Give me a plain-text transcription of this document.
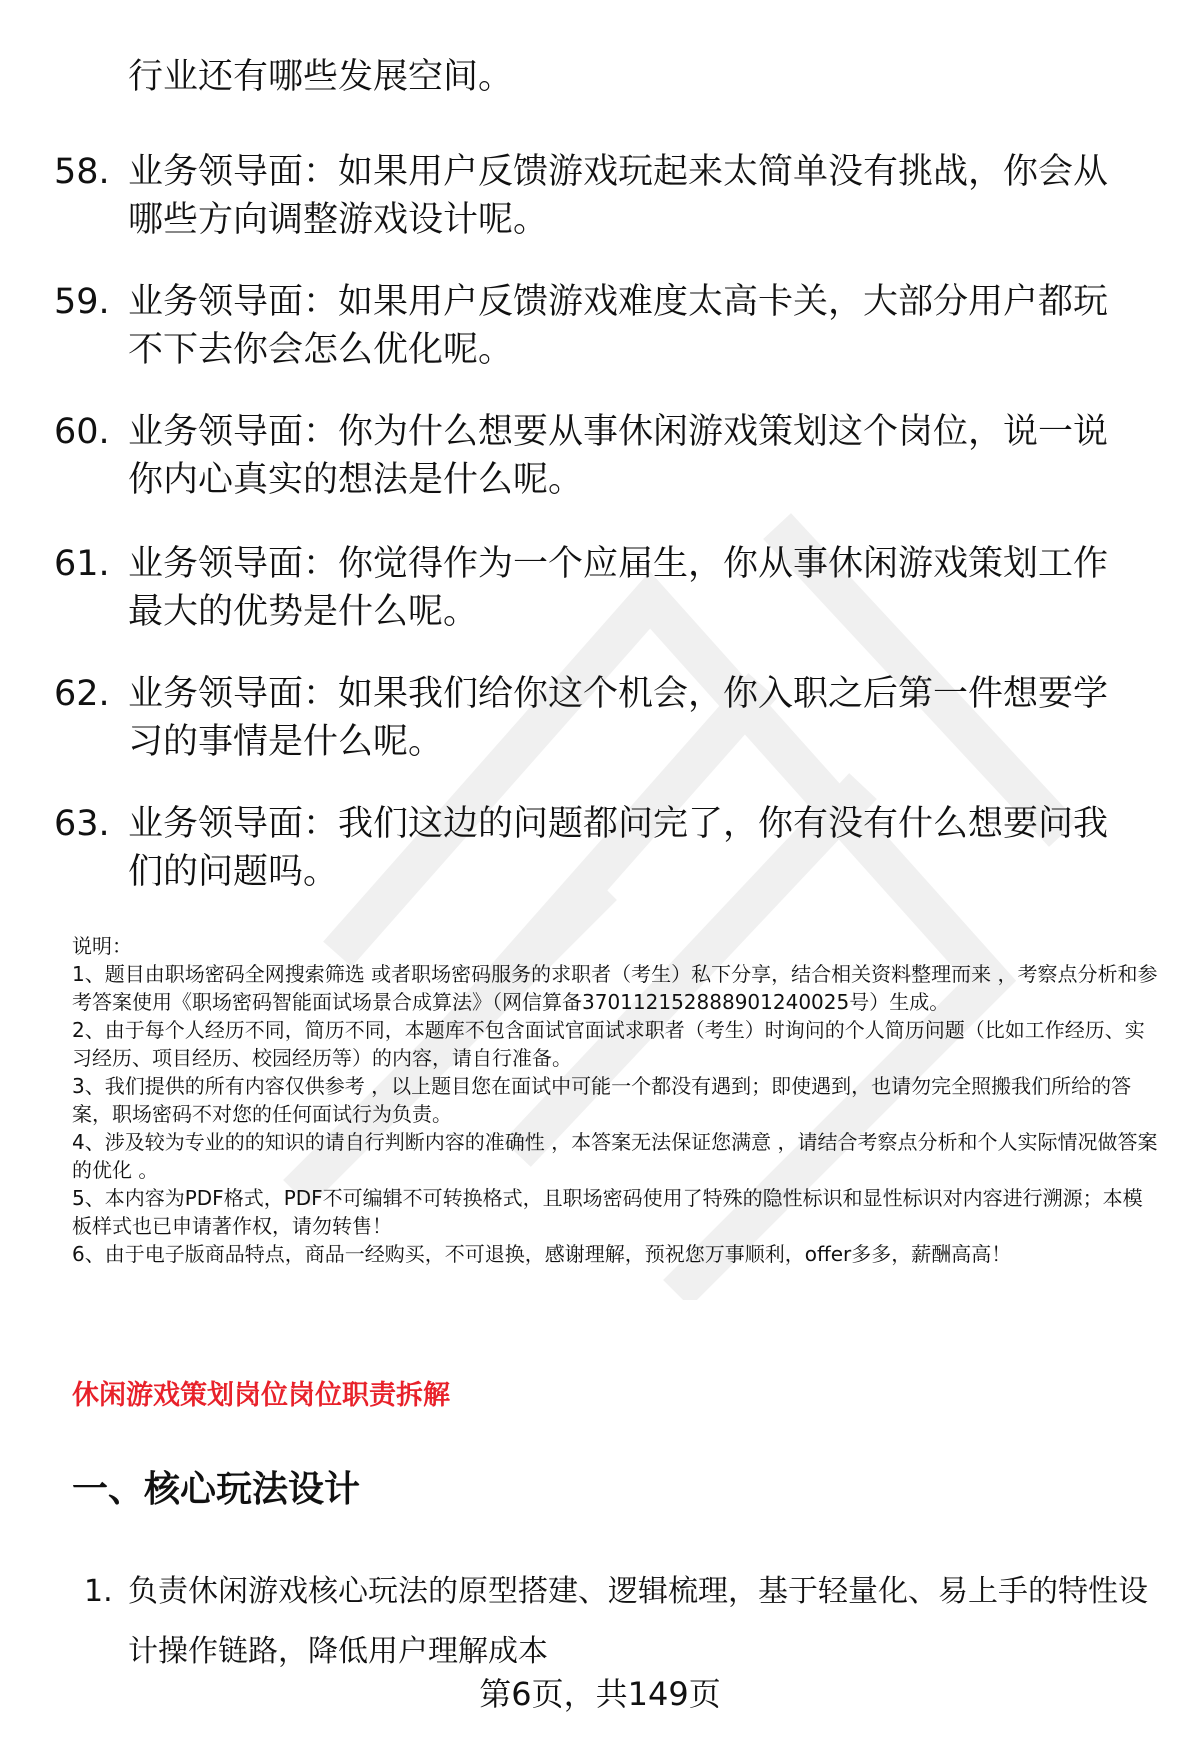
行业还有哪些发展空间。
58. 业务领导面：如果用户反馈游戏玩起来太简单没有挑战，你会从哪些方向调整游戏设计呢。
59. 业务领导面：如果用户反馈游戏难度太高卡关，大部分用户都玩不下去你会怎么优化呢。
60. 业务领导面：你为什么想要从事休闲游戏策划这个岗位，说一说你内心真实的想法是什么呢。
61. 业务领导面：你觉得作为一个应届生，你从事休闲游戏策划工作最大的优势是什么呢。
62. 业务领导面：如果我们给你这个机会，你入职之后第一件想要学习的事情是什么呢。
63. 业务领导面：我们这边的问题都问完了，你有没有什么想要问我们的问题吗。

说明：

1、题目由职场密码全网搜索筛选 或者职场密码服务的求职者（考生）私下分享，结合相关资料整理而来 ，考察点分析和参考答案使用《职场密码智能面试场景合成算法》（网信算备370112152888901240025号）生成。

2、由于每个人经历不同，简历不同，本题库不包含面试官面试求职者（考生）时询问的个人简历问题（比如工作经历、实习经历、项目经历、校园经历等）的内容，请自行准备。

3、我们提供的所有内容仅供参考 ，以上题目您在面试中可能一个都没有遇到；即使遇到，也请勿完全照搬我们所给的答案，职场密码不对您的任何面试行为负责。

4、涉及较为专业的的知识的请自行判断内容的准确性 ，本答案无法保证您满意 ，请结合考察点分析和个人实际情况做答案的优化 。

5、本内容为PDF格式，PDF不可编辑不可转换格式，且职场密码使用了特殊的隐性标识和显性标识对内容进行溯源；本模板样式也已申请著作权，请勿转售！

6、由于电子版商品特点，商品一经购买，不可退换，感谢理解，预祝您万事顺利，offer多多，薪酬高高！

休闲游戏策划岗位岗位职责拆解
一、核心玩法设计
1. 负责休闲游戏核心玩法的原型搭建、逻辑梳理，基于轻量化、易上手的特性设计操作链路，降低用户理解成本
第6页，共149页
